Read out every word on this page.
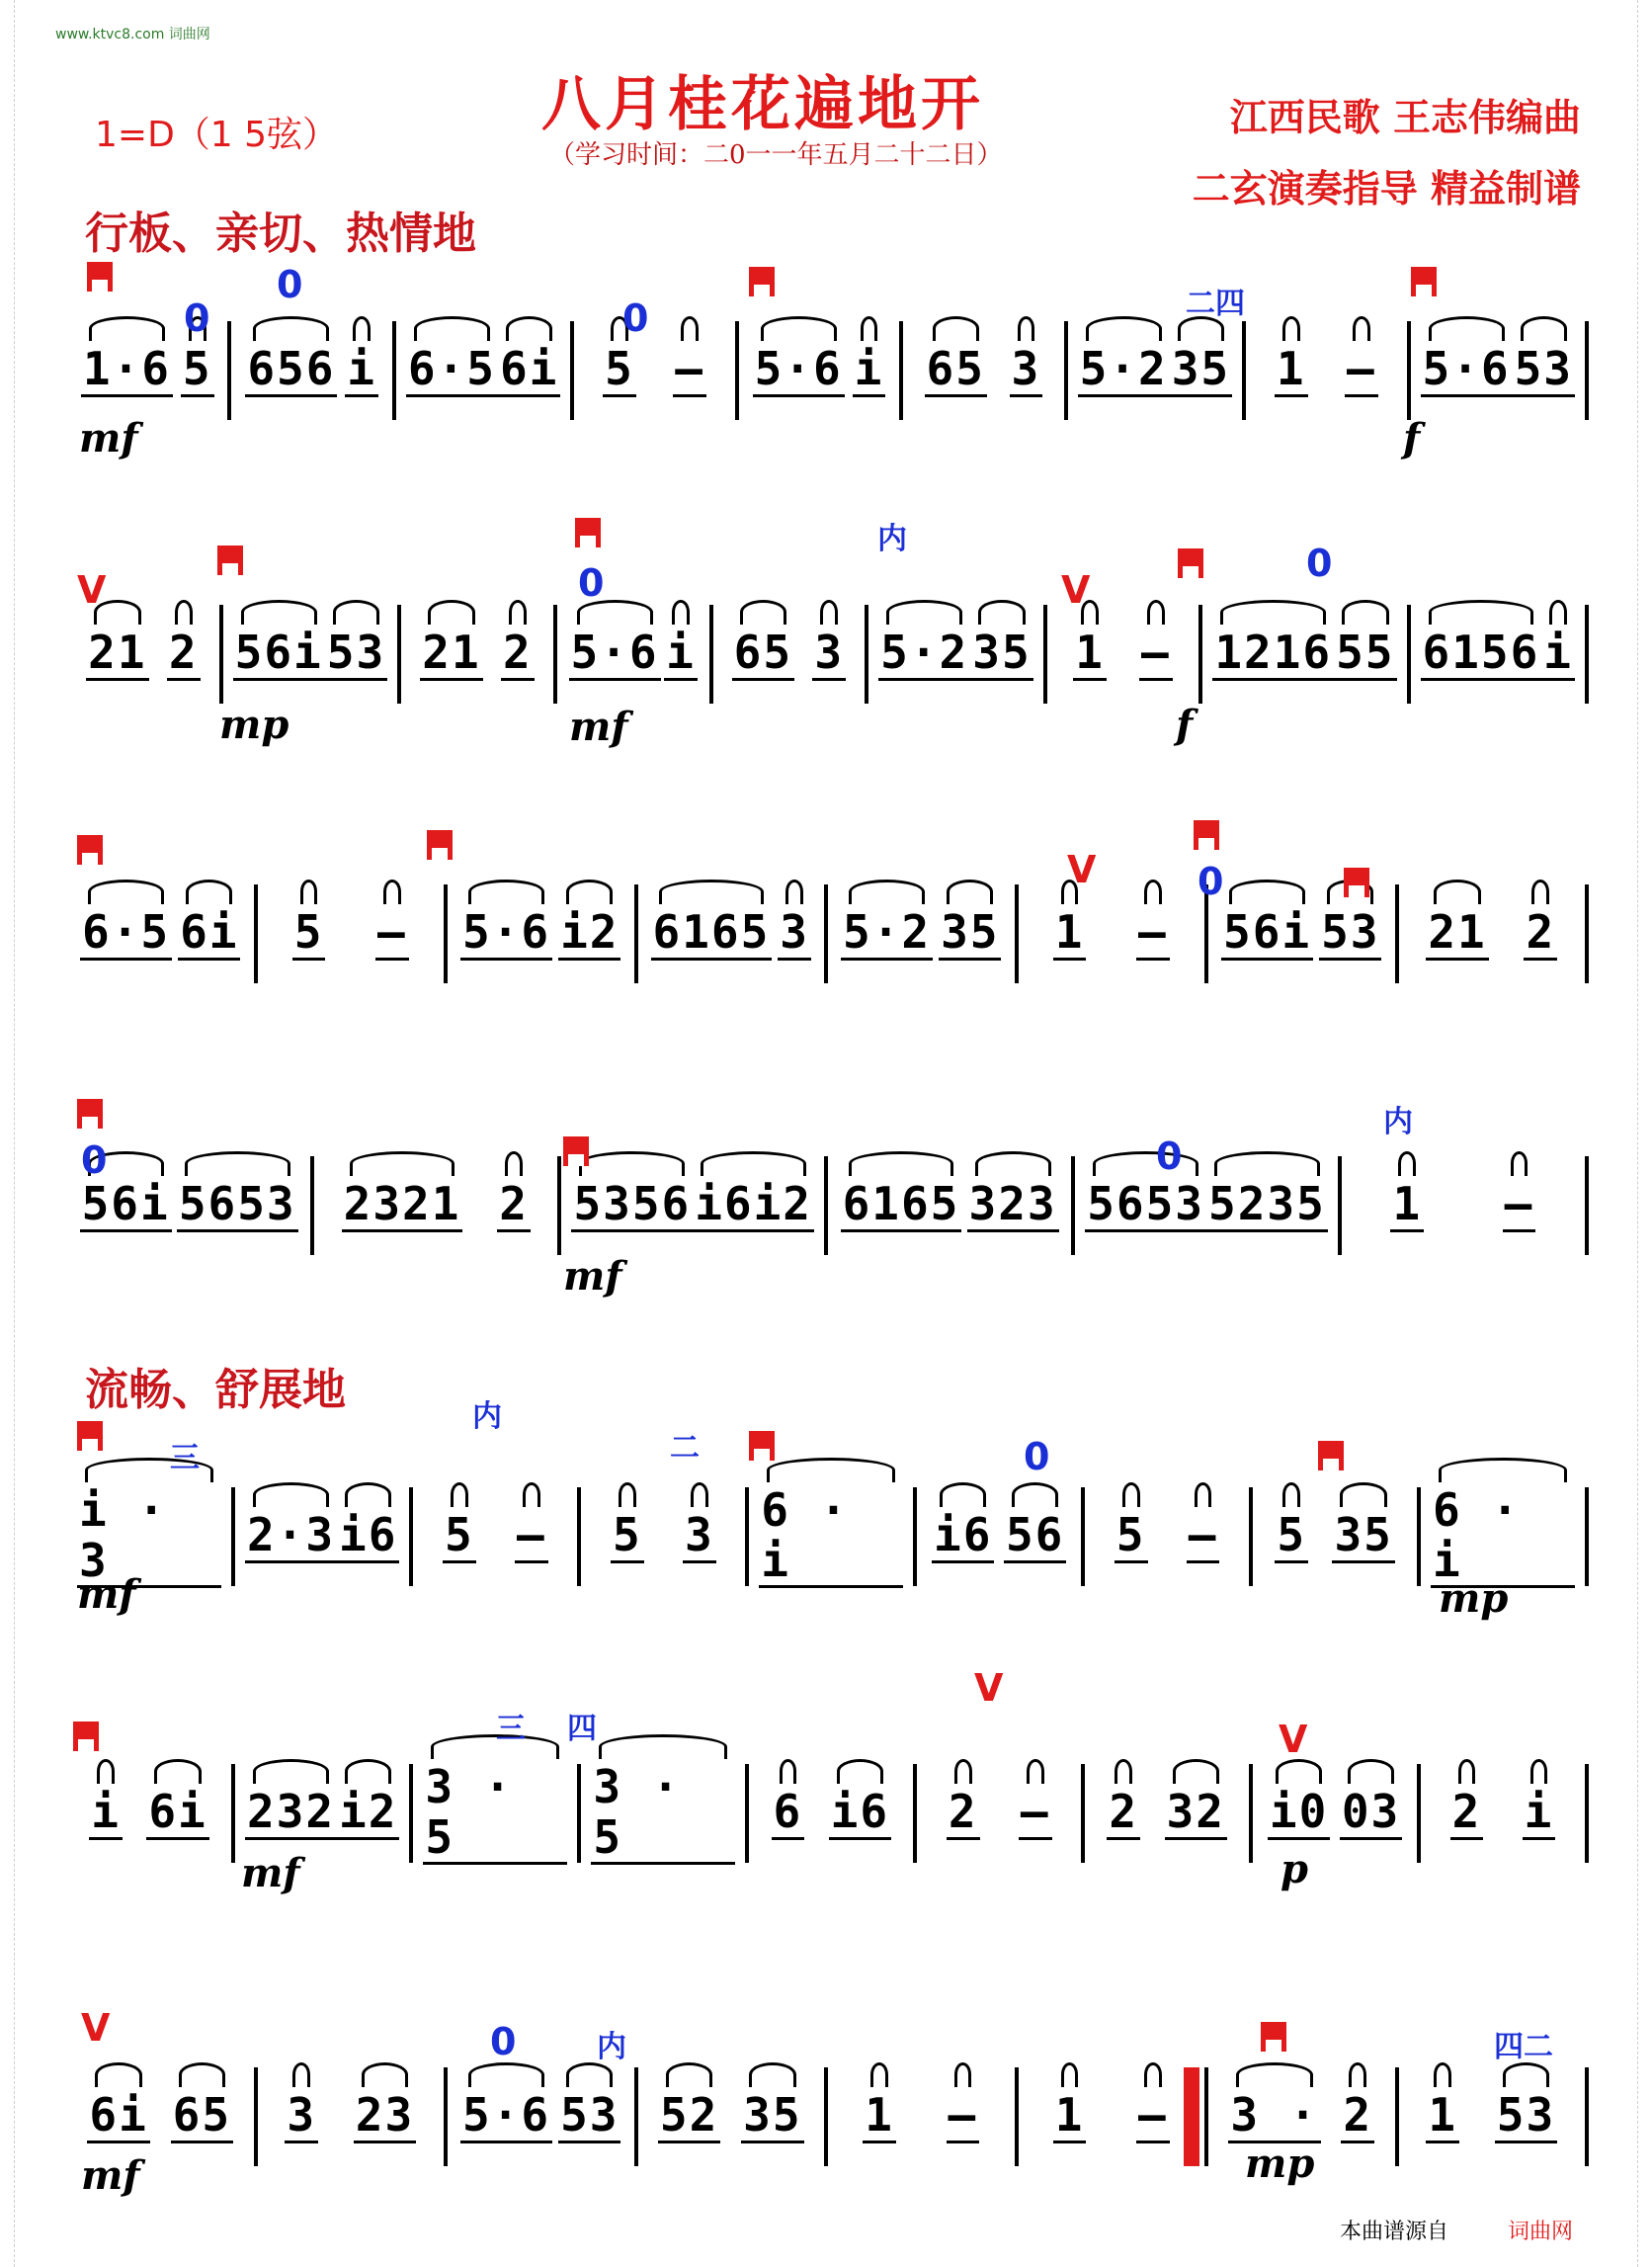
www.ktvc8.com 词曲网
八月桂花遍地开
（学习时间：二0一一年五月二十二日）
1=D（1 5弦）	江西民歌 王志伟编曲
二玄演奏指导 精益制谱
行板、亲切、热情地
流畅、舒展地
1·6 5 656 i 6·5 6i 5 – 5·6 i 65 3 5·2 35 1 – 5·6 53
21 2 56i 53 21 2 5·6 i 65 3 5·2 35 1 – 1216 55 6156 i
6·5 6i 5 – 5·6 i2 6165 3 5·2 35 1 – 56i 53 21 2
56i 5653 2321 2 5356 i6i2 6165 323 5653 5235 1 –
i · 3	2·3 i6 5 – 5 3 6 · i	i6 56 5 – 5 35 6 · i
i 6i 232 i2 3 · 5
3 · 5	6 i6 2 – 2 32 i0 03 2 i
6i 65 3 23 5·6 53 52 35 1 – 1 – 3 · 2 1 53
0
0
0	二四
mf	f
V	0
内
V
0
mp	mf	f
V	0
0	0
内
mf
三
内
二	0
mf	mp
三 四
V
V
mf	p
V	0	内	四二
mf	mp
本曲谱源自	词曲网
